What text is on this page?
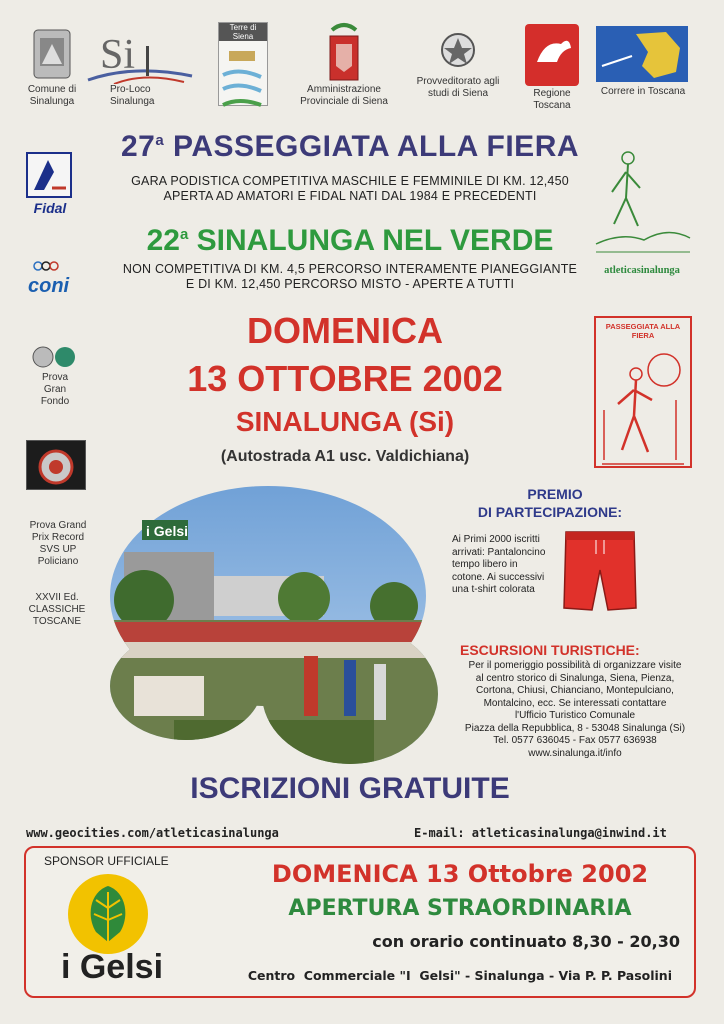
Comune di Sinalunga
Si
Pro-Loco Sinalunga
Terre di Siena
Amministrazione Provinciale di Siena
Provveditorato agli studi di Siena	Regione Toscana
Correre in Toscana
Fidal
coni
Prova Gran Fondo
Prova Grand Prix Record SVS UP Policiano
XXVII Ed. CLASSICHE TOSCANE
atleticasinalunga
PASSEGGIATA ALLA FIERA
27$^a$ PASSEGGIATA ALLA FIERA
GARA PODISTICA COMPETITIVA MASCHILE E FEMMINILE DI KM. 12,450
APERTA AD AMATORI E FIDAL NATI DAL 1984 E PRECEDENTI
22$^a$ SINALUNGA NEL VERDE
NON COMPETITIVA DI KM. 4,5 PERCORSO INTERAMENTE PIANEGGIANTE
E DI KM. 12,450 PERCORSO MISTO - APERTE A TUTTI
DOMENICA
13 OTTOBRE 2002
SINALUNGA (Si)
(Autostrada A1 usc. Valdichiana)
i Gelsi
PREMIO
DI PARTECIPAZIONE:
Ai Primi 2000 iscritti arrivati: Pantaloncino tempo libero in cotone. Ai successivi una t-shirt colorata
ESCURSIONI TURISTICHE:
Per il pomeriggio possibilità di organizzare visite
al centro storico di Sinalunga, Siena, Pienza,
Cortona, Chiusi, Chianciano, Montepulciano,
Montalcino, ecc. Se interessati contattare
l'Ufficio Turistico Comunale
Piazza della Repubblica, 8 - 53048 Sinalunga (Si)
Tel. 0577 636045 - Fax 0577 636938
www.sinalunga.it/info
ISCRIZIONI GRATUITE
www.geocities.com/atleticasinalunga	E-mail: atleticasinalunga@inwind.it
SPONSOR UFFICIALE
i Gelsi
DOMENICA 13 Ottobre 2002
APERTURA STRAORDINARIA
con orario continuato 8,30 - 20,30
Centro  Commerciale "I  Gelsi" - Sinalunga - Via P. P. Pasolini
